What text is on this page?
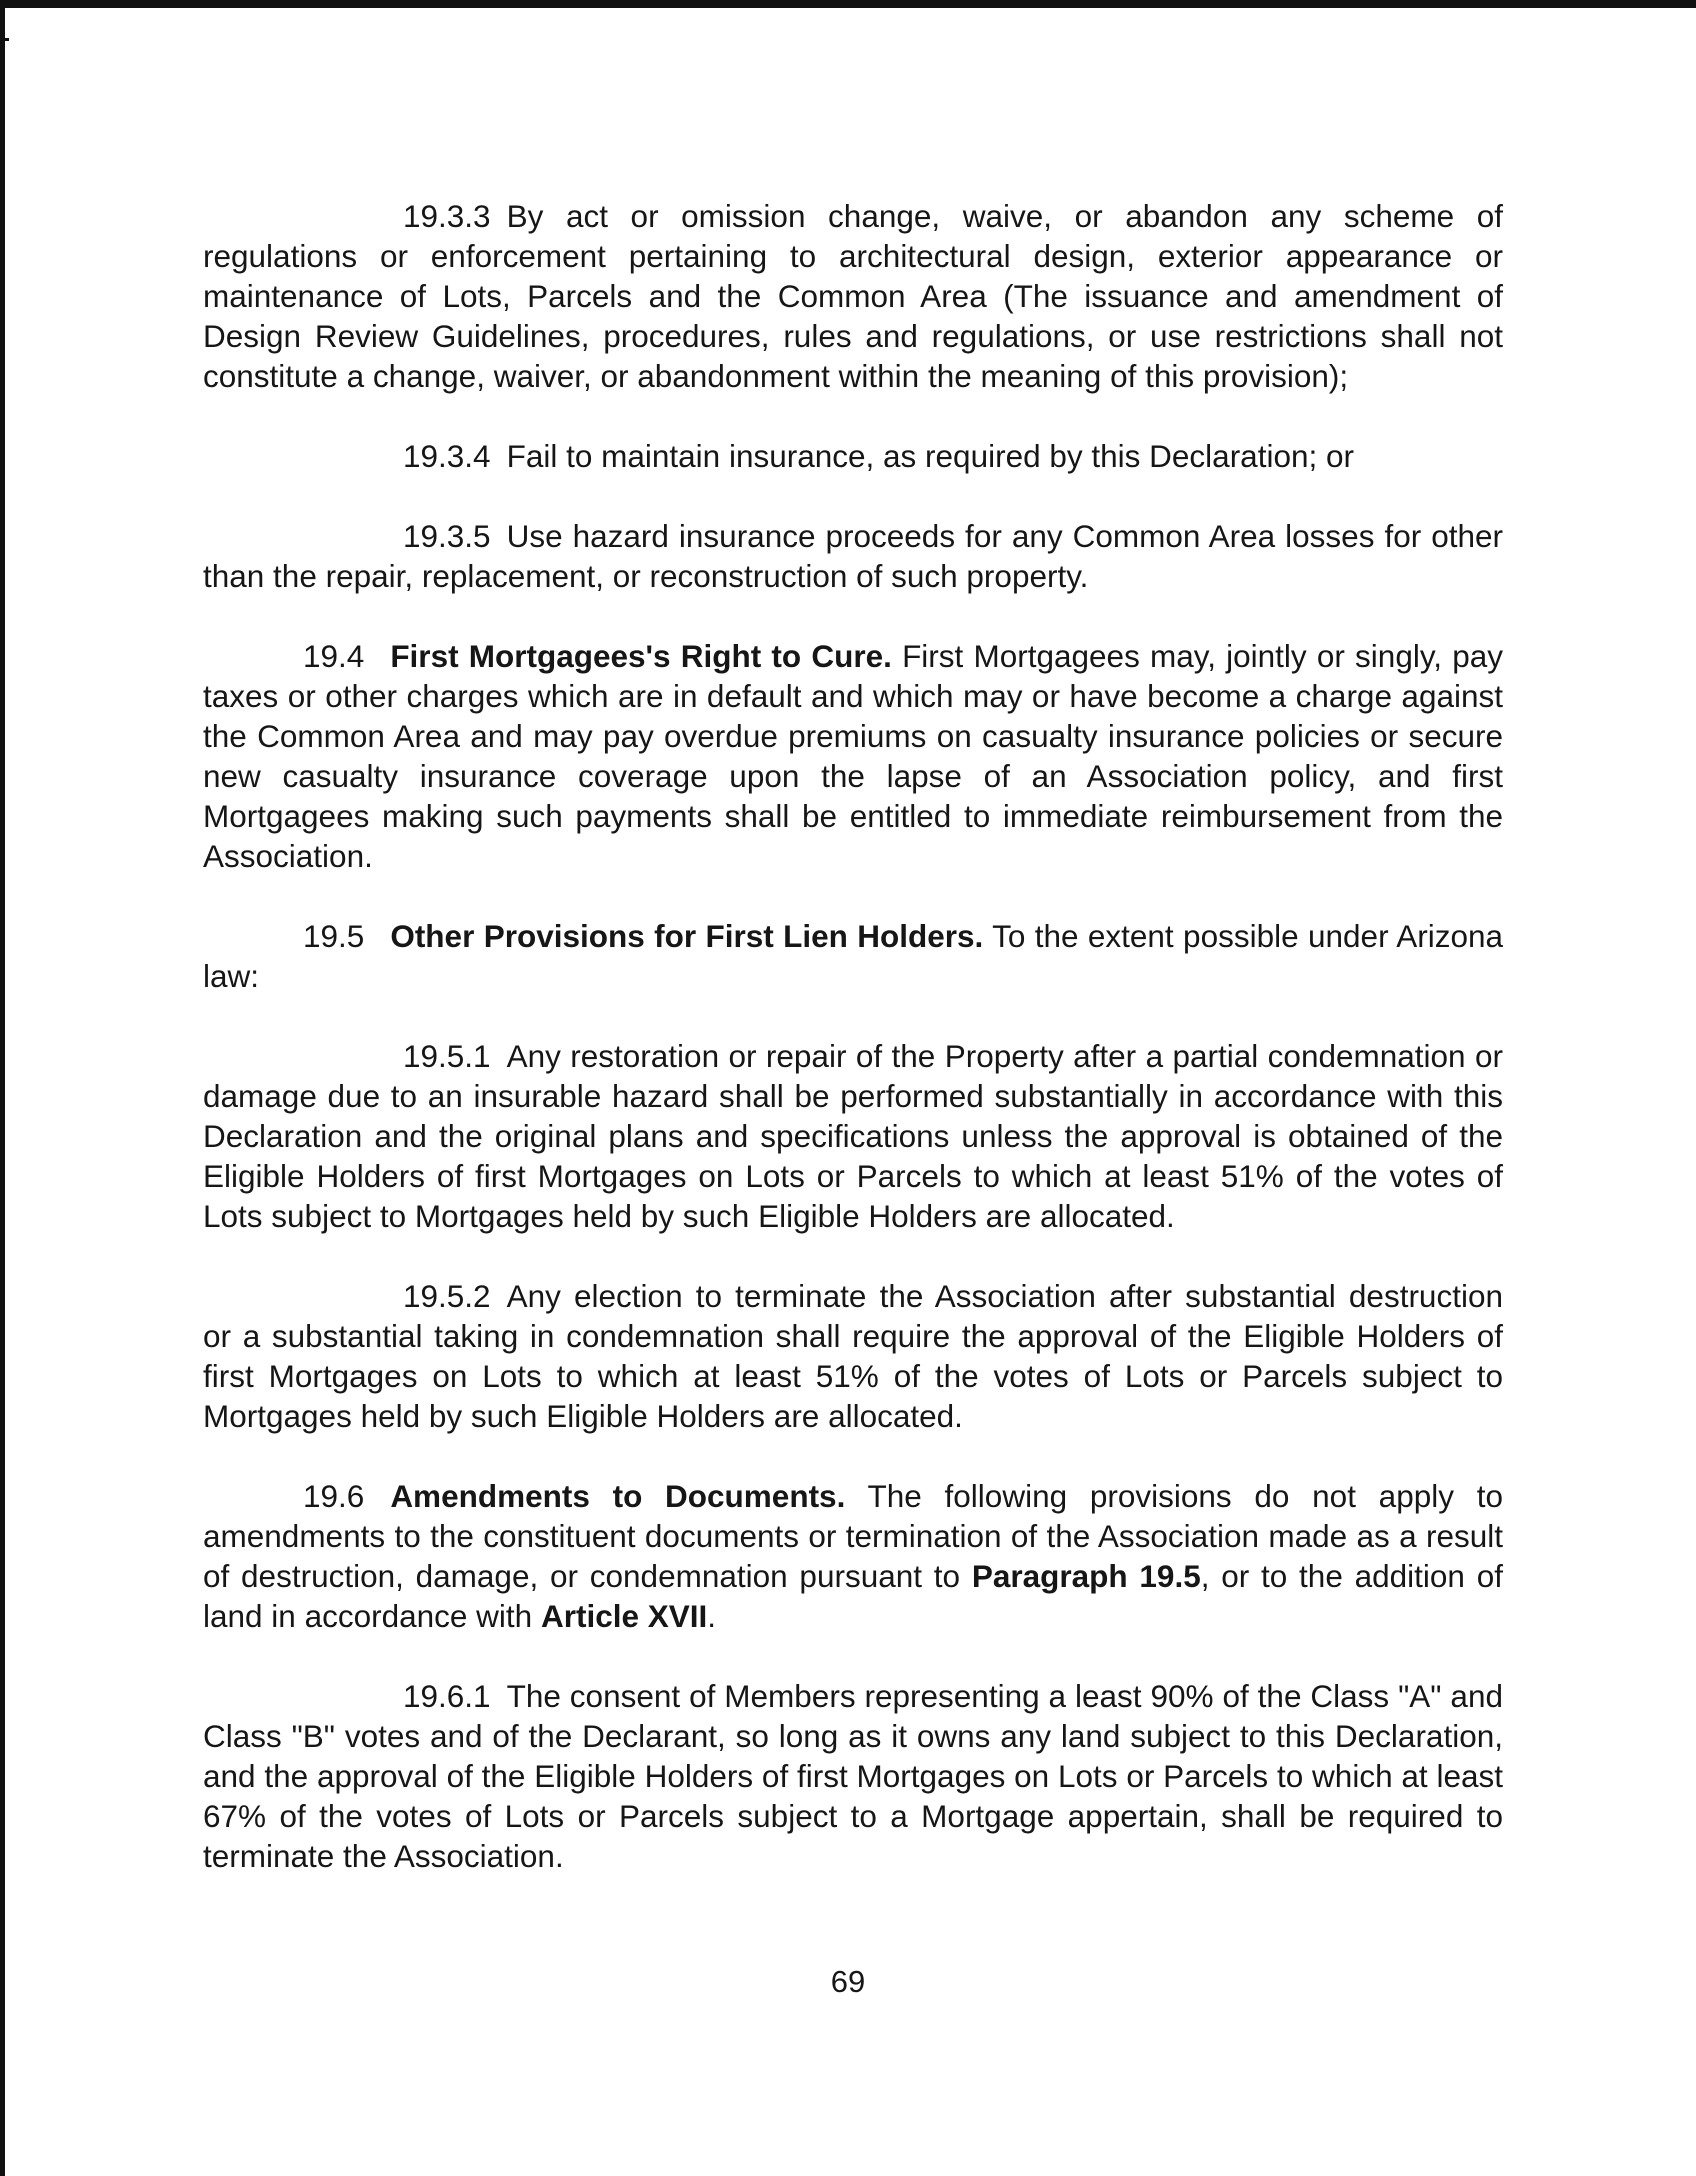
19.3.3 By act or omission change, waive, or abandon any scheme of regulations or enforcement pertaining to architectural design, exterior appearance or maintenance of Lots, Parcels and the Common Area (The issuance and amendment of Design Review Guidelines, procedures, rules and regulations, or use restrictions shall not constitute a change, waiver, or abandonment within the meaning of this provision);

19.3.4 Fail to maintain insurance, as required by this Declaration; or

19.3.5 Use hazard insurance proceeds for any Common Area losses for other than the repair, replacement, or reconstruction of such property.

19.4 First Mortgagees's Right to Cure. First Mortgagees may, jointly or singly, pay taxes or other charges which are in default and which may or have become a charge against the Common Area and may pay overdue premiums on casualty insurance policies or secure new casualty insurance coverage upon the lapse of an Association policy, and first Mortgagees making such payments shall be entitled to immediate reimbursement from the Association.

19.5 Other Provisions for First Lien Holders. To the extent possible under Arizona law:

19.5.1 Any restoration or repair of the Property after a partial condemnation or damage due to an insurable hazard shall be performed substantially in accordance with this Declaration and the original plans and specifications unless the approval is obtained of the Eligible Holders of first Mortgages on Lots or Parcels to which at least 51% of the votes of Lots subject to Mortgages held by such Eligible Holders are allocated.

19.5.2 Any election to terminate the Association after substantial destruction or a substantial taking in condemnation shall require the approval of the Eligible Holders of first Mortgages on Lots to which at least 51% of the votes of Lots or Parcels subject to Mortgages held by such Eligible Holders are allocated.

19.6 Amendments to Documents. The following provisions do not apply to amendments to the constituent documents or termination of the Association made as a result of destruction, damage, or condemnation pursuant to Paragraph 19.5, or to the addition of land in accordance with Article XVII.

19.6.1 The consent of Members representing a least 90% of the Class "A" and Class "B" votes and of the Declarant, so long as it owns any land subject to this Declaration, and the approval of the Eligible Holders of first Mortgages on Lots or Parcels to which at least 67% of the votes of Lots or Parcels subject to a Mortgage appertain, shall be required to terminate the Association.

69
